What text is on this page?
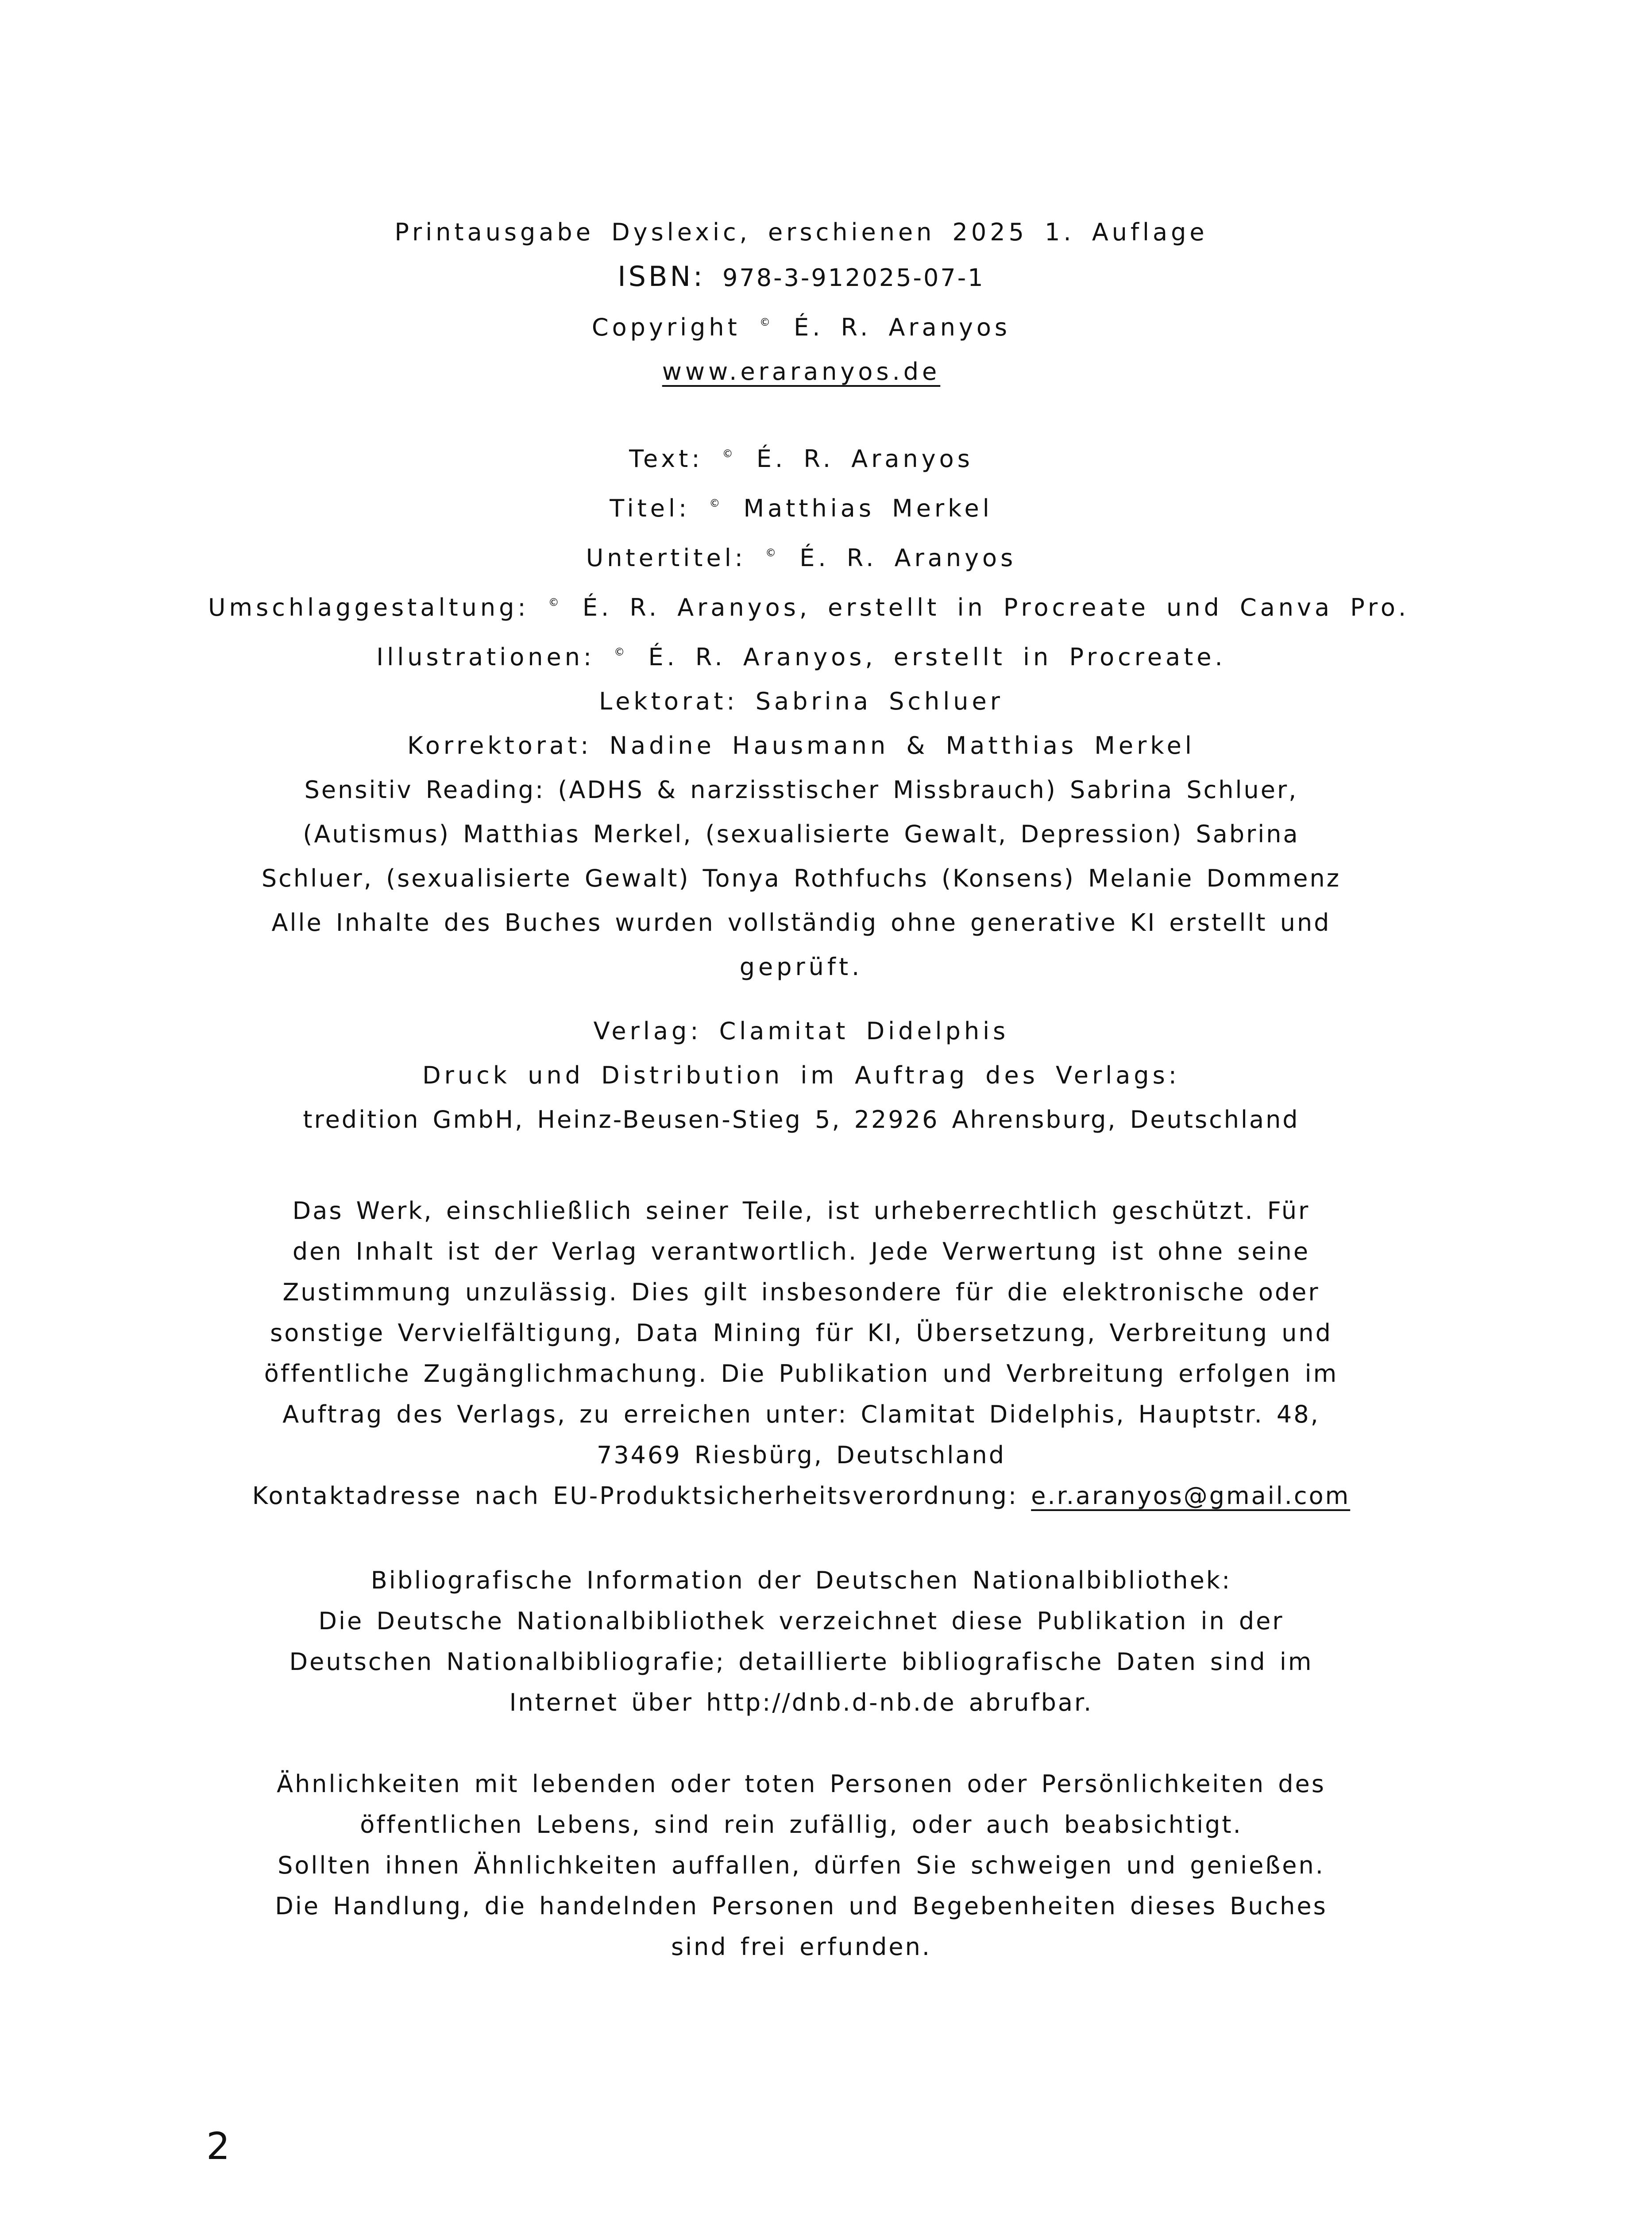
Printausgabe Dyslexic, erschienen 2025 1. Auflage
ISBN: 978-3-912025-07-1
Copyright © É. R. Aranyos
www.eraranyos.de
Text: © É. R. Aranyos
Titel: © Matthias Merkel
Untertitel: © É. R. Aranyos
Umschlaggestaltung: © É. R. Aranyos, erstellt in Procreate und Canva Pro.
Illustrationen: © É. R. Aranyos, erstellt in Procreate.
Lektorat: Sabrina Schluer
Korrektorat: Nadine Hausmann & Matthias Merkel
Sensitiv Reading: (ADHS & narzisstischer Missbrauch) Sabrina Schluer,
(Autismus) Matthias Merkel, (sexualisierte Gewalt, Depression) Sabrina
Schluer, (sexualisierte Gewalt) Tonya Rothfuchs (Konsens) Melanie Dommenz
Alle Inhalte des Buches wurden vollständig ohne generative KI erstellt und
geprüft.
Verlag: Clamitat Didelphis
Druck und Distribution im Auftrag des Verlags:
tredition GmbH, Heinz-Beusen-Stieg 5, 22926 Ahrensburg, Deutschland
Das Werk, einschließlich seiner Teile, ist urheberrechtlich geschützt. Für
den Inhalt ist der Verlag verantwortlich. Jede Verwertung ist ohne seine
Zustimmung unzulässig. Dies gilt insbesondere für die elektronische oder
sonstige Vervielfältigung, Data Mining für KI, Übersetzung, Verbreitung und
öffentliche Zugänglichmachung. Die Publikation und Verbreitung erfolgen im
Auftrag des Verlags, zu erreichen unter: Clamitat Didelphis, Hauptstr. 48,
73469 Riesbürg, Deutschland
Kontaktadresse nach EU-Produktsicherheitsverordnung: e.r.aranyos@gmail.com
Bibliografische Information der Deutschen Nationalbibliothek:
Die Deutsche Nationalbibliothek verzeichnet diese Publikation in der
Deutschen Nationalbibliografie; detaillierte bibliografische Daten sind im
Internet über http://dnb.d-nb.de abrufbar.
Ähnlichkeiten mit lebenden oder toten Personen oder Persönlichkeiten des
öffentlichen Lebens, sind rein zufällig, oder auch beabsichtigt.
Sollten ihnen Ähnlichkeiten auffallen, dürfen Sie schweigen und genießen.
Die Handlung, die handelnden Personen und Begebenheiten dieses Buches
sind frei erfunden.
2
